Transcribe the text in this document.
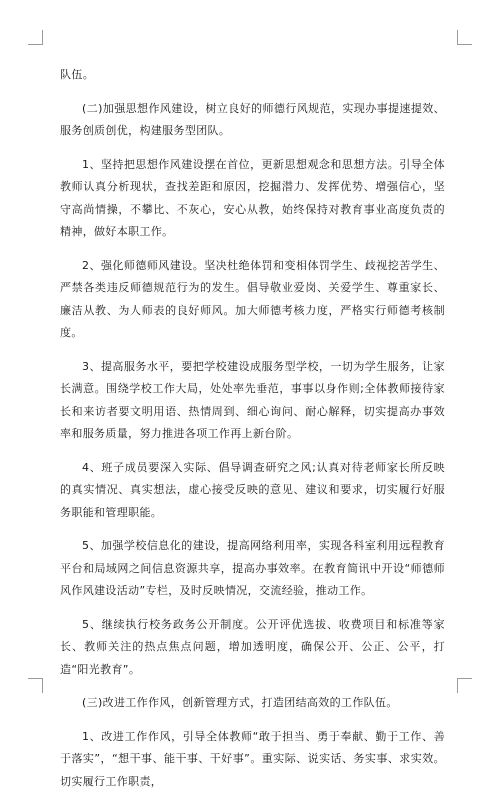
队伍。

(二)加强思想作风建设，树立良好的师德行风规范，实现办事提速提效、服务创质创优，构建服务型团队。

1、坚持把思想作风建设摆在首位，更新思想观念和思想方法。引导全体教师认真分析现状，查找差距和原因，挖掘潜力、发挥优势、增强信心，坚守高尚情操，不攀比、不灰心，安心从教，始终保持对教育事业高度负责的精神，做好本职工作。

2、强化师德师风建设。坚决杜绝体罚和变相体罚学生、歧视挖苦学生、严禁各类违反师德规范行为的发生。倡导敬业爱岗、关爱学生、尊重家长、廉洁从教、为人师表的良好师风。加大师德考核力度，严格实行师德考核制度。

3、提高服务水平，要把学校建设成服务型学校，一切为学生服务，让家长满意。围绕学校工作大局，处处率先垂范，事事以身作则;全体教师接待家长和来访者要文明用语、热情周到、细心询问、耐心解释，切实提高办事效率和服务质量，努力推进各项工作再上新台阶。

4、班子成员要深入实际、倡导调查研究之风;认真对待老师家长所反映的真实情况、真实想法，虚心接受反映的意见、建议和要求，切实履行好服务职能和管理职能。

5、加强学校信息化的建设，提高网络利用率，实现各科室利用远程教育平台和局域网之间信息资源共享，提高办事效率。在教育简讯中开设“师德师风作风建设活动”专栏，及时反映情况，交流经验，推动工作。

5、继续执行校务政务公开制度。公开评优选拔、收费项目和标准等家长、教师关注的热点焦点问题，增加透明度，确保公开、公正、公平，打造“阳光教育”。

(三)改进工作作风，创新管理方式，打造团结高效的工作队伍。

1、改进工作作风，引导全体教师“敢于担当、勇于奉献、勤于工作、善于落实”，“想干事、能干事、干好事”。重实际、说实话、务实事、求实效。切实履行工作职责，
